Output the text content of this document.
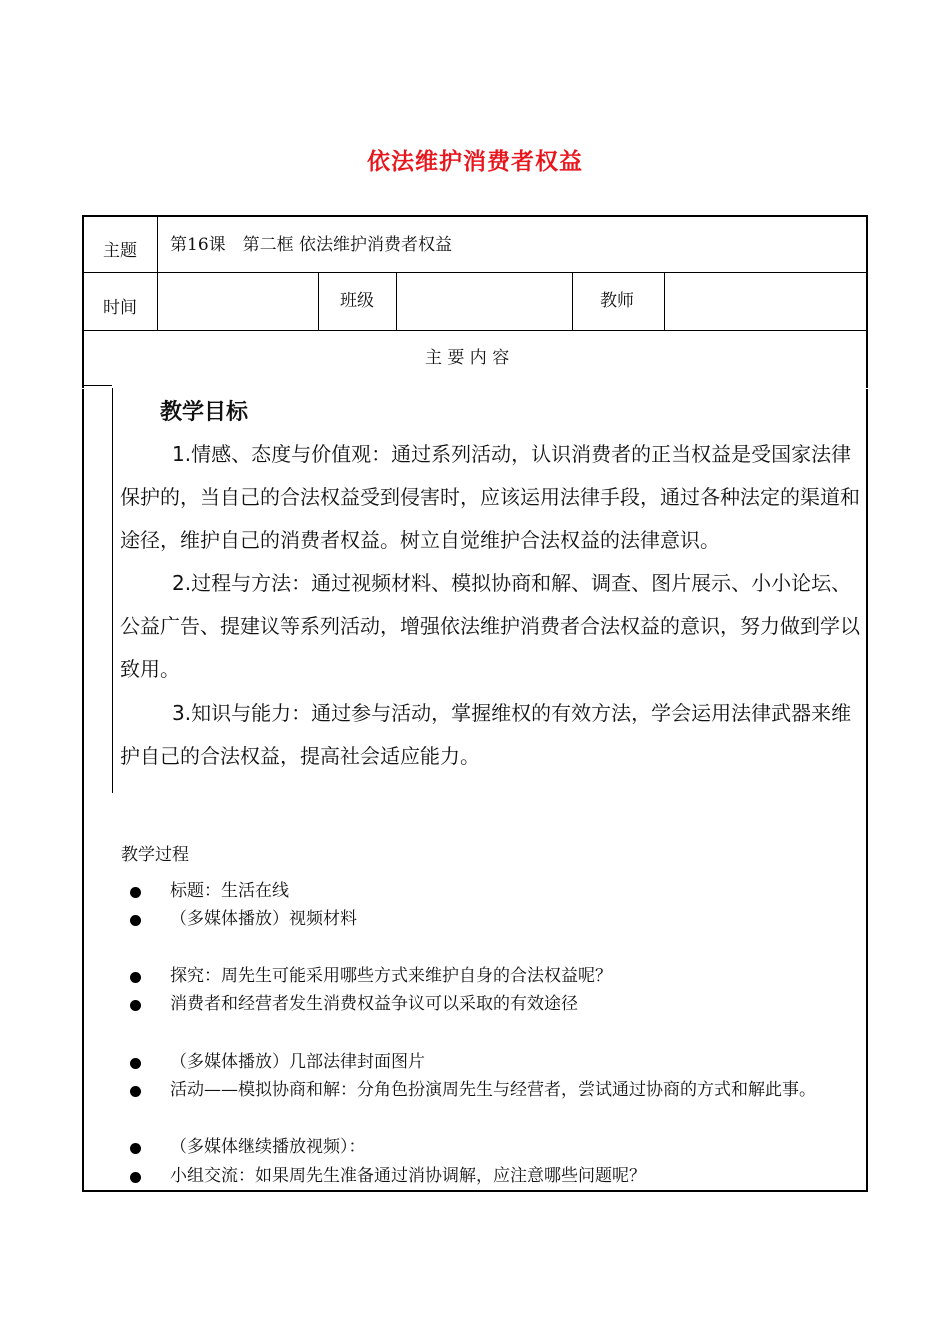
依法维护消费者权益
主题 第16课　第二框 依法维护消费者权益
时间	班级	教师
主 要 内 容
教学目标

1.情感、态度与价值观：通过系列活动，认识消费者的正当权益是受国家法律保护的，当自己的合法权益受到侵害时，应该运用法律手段，通过各种法定的渠道和途径，维护自己的消费者权益。树立自觉维护合法权益的法律意识。

2.过程与方法：通过视频材料、模拟协商和解、调查、图片展示、小小论坛、公益广告、提建议等系列活动，增强依法维护消费者合法权益的意识，努力做到学以致用。

3.知识与能力：通过参与活动，掌握维权的有效方法，学会运用法律武器来维护自己的合法权益，提高社会适应能力。

教学过程
标题：生活在线
（多媒体播放）视频材料
探究：周先生可能采用哪些方式来维护自身的合法权益呢？
消费者和经营者发生消费权益争议可以采取的有效途径
（多媒体播放）几部法律封面图片
活动——模拟协商和解：分角色扮演周先生与经营者，尝试通过协商的方式和解此事。
（多媒体继续播放视频）：
小组交流：如果周先生准备通过消协调解，应注意哪些问题呢？
